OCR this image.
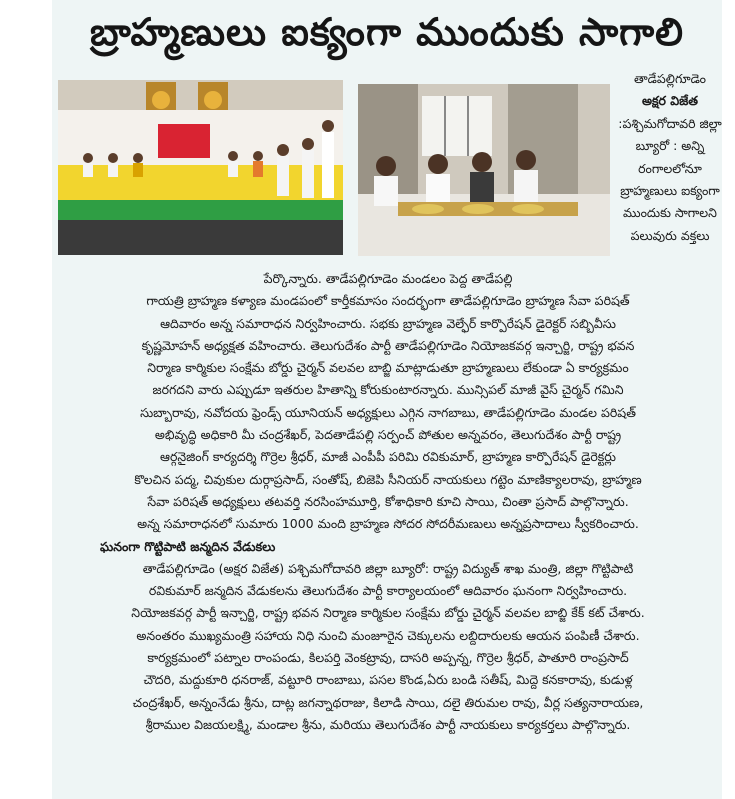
బ్రాహ్మణులు ఐక్యంగా ముందుకు సాగాలి
తాడేపల్లిగూడెం
అక్షర విజేత
:పశ్చిమగోదావరి జిల్లా
బ్యూరో : అన్ని
రంగాలలోనూ
బ్రాహ్మణులు ఐక్యంగా
ముందుకు సాగాలని
పలువురు వక్తలు
పేర్కొన్నారు. తాడేపల్లిగూడెం మండలం పెద్ద తాడేపల్లి
గాయత్రి బ్రాహ్మణ కళ్యాణ మండపంలో కార్తీకమాసం సందర్భంగా తాడేపల్లిగూడెం బ్రాహ్మణ సేవా పరిషత్
ఆదివారం అన్న సమారాధన నిర్వహించారు. సభకు బ్రాహ్మణ వెల్ఫేర్ కార్పొరేషన్ డైరెక్టర్ సబ్బివీసు
కృష్ణమోహన్ అధ్యక్షత వహించారు. తెలుగుదేశం పార్టీ తాడేపల్లిగూడెం నియోజకవర్గ ఇన్చార్జి, రాష్ట్ర భవన
నిర్మాణ కార్మికుల సంక్షేమ బోర్డు చైర్మన్ వలవల బాబ్జి మాట్లాడుతూ బ్రాహ్మణులు లేకుండా ఏ కార్యక్రమం
జరగదని వారు ఎప్పుడూ ఇతరుల హితాన్ని కోరుకుంటారన్నారు. మున్సిపల్ మాజీ వైస్ చైర్మన్ గమిని
సుబ్బారావు, నవోదయ ఫ్రెండ్స్ యూనియన్ అధ్యక్షులు ఎగ్గిన నాగబాబు, తాడేపల్లిగూడెం మండల పరిషత్
అభివృద్ధి అధికారి మీ చంద్రశేఖర్, పెదతాడేపల్లి సర్పంచ్ పోతుల అన్నవరం, తెలుగుదేశం పార్టీ రాష్ట్ర
ఆర్గనైజింగ్ కార్యదర్శి గొర్రెల శ్రీధర్, మాజీ ఎంపీపీ పరిమి రవికుమార్, బ్రాహ్మణ కార్పొరేషన్ డైరెక్టర్లు
కొలచిన పద్మ, చివుకుల దుర్గాప్రసాద్, సంతోష్, బిజెపి సీనియర్ నాయకులు గట్టెం మాణిక్యాలరావు, బ్రాహ్మణ
సేవా పరిషత్ అధ్యక్షులు తటవర్తి నరసింహమూర్తి, కోశాధికారి కూచి సాయి, చింతా ప్రసాద్ పాల్గొన్నారు.
అన్న సమారాధనలో సుమారు 1000 మంది బ్రాహ్మణ సోదర సోదరీమణులు అన్నప్రసాదాలు స్వీకరించారు.
ఘనంగా గొట్టిపాటి జన్మదిన వేడుకలు
తాడేపల్లిగూడెం (అక్షర విజేత) పశ్చిమగోదావరి జిల్లా బ్యూరో: రాష్ట్ర విద్యుత్ శాఖ మంత్రి, జిల్లా గొట్టిపాటి
రవికుమార్ జన్మదిన వేడుకలను తెలుగుదేశం పార్టీ కార్యాలయంలో ఆదివారం ఘనంగా నిర్వహించారు.
నియోజకవర్గ పార్టీ ఇన్చార్జి, రాష్ట్ర భవన నిర్మాణ కార్మికుల సంక్షేమ బోర్డు చైర్మన్ వలవల బాబ్జి కేక్ కట్ చేశారు.
అనంతరం ముఖ్యమంత్రి సహాయ నిధి నుంచి మంజూరైన చెక్కులను లబ్దిదారులకు ఆయన పంపిణీ చేశారు.
కార్యక్రమంలో పట్నాల రాంపండు, కిలపర్తి వెంకట్రావు, దాసరి అప్పన్న, గొర్రెల శ్రీధర్, పాతూరి రాంప్రసాద్
చౌదరి, మద్దుకూరి ధనరాజ్, వట్టూరి రాంబాబు, పసల కొండ,ఏరు బండి సతీష్, మిద్దె కనకారావు, కుడుళ్ల
చంద్రశేఖర్, అన్నంనేడు శ్రీను, దాట్ల జగన్నాథరాజు, కిలాడి సాయి, దలై తిరుమల రావు, వీర్ల సత్యనారాయణ,
శ్రీరాముల విజయలక్ష్మి, మండాల శ్రీను, మరియు తెలుగుదేశం పార్టీ నాయకులు కార్యకర్తలు పాల్గొన్నారు.
